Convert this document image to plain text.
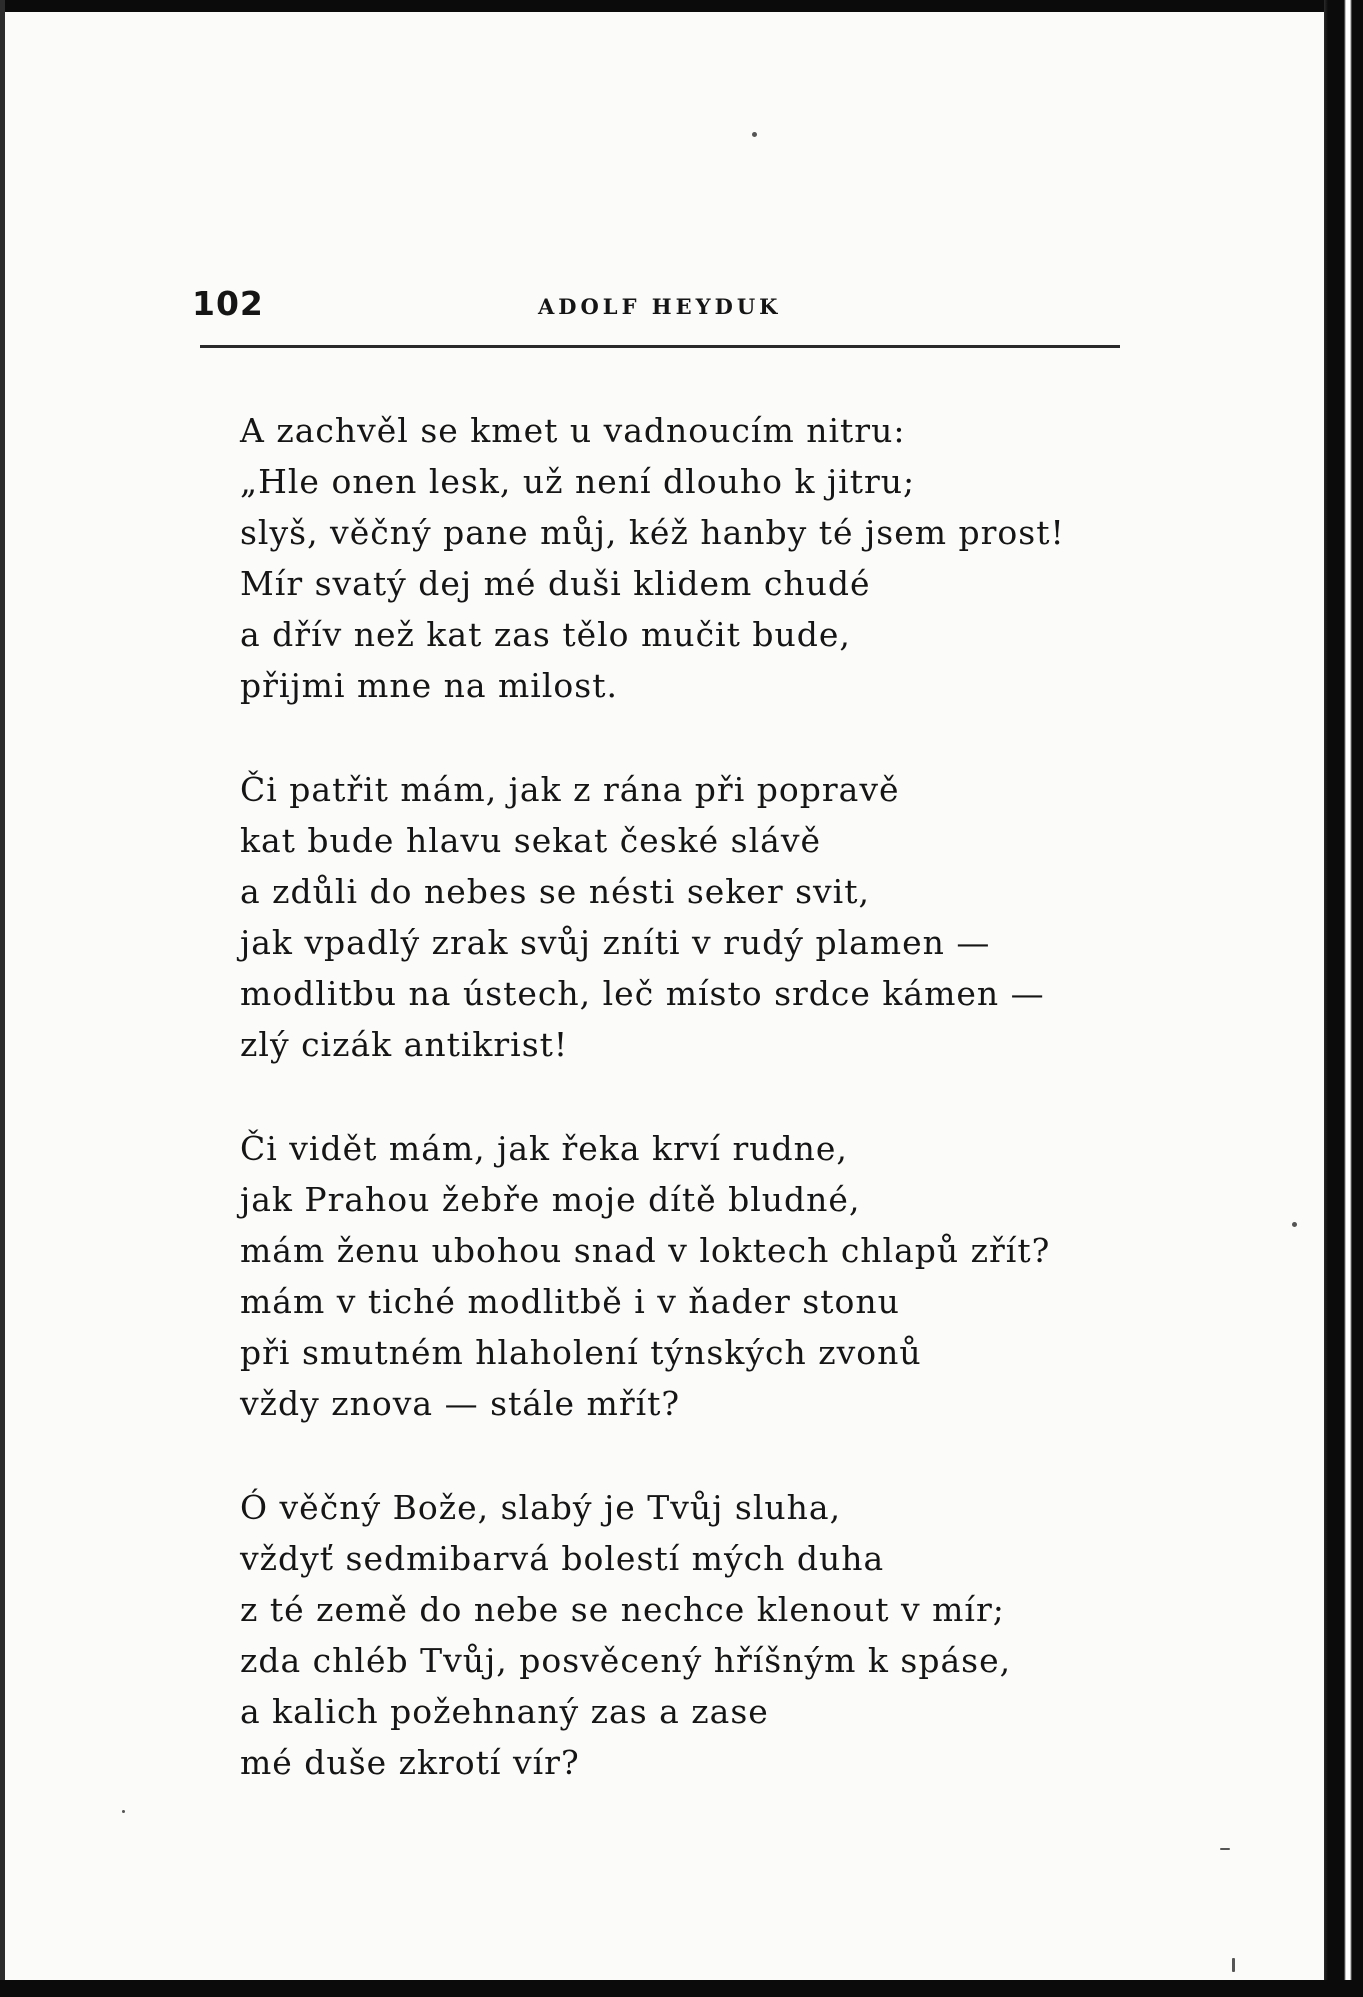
102	ADOLF HEYDUK
A zachvěl se kmet u vadnoucím nitru:
„Hle onen lesk, už není dlouho k jitru;
slyš, věčný pane můj, kéž hanby té jsem prost!
Mír svatý dej mé duši klidem chudé
a dřív než kat zas tělo mučit bude,
přijmi mne na milost.
Či patřit mám, jak z rána při popravě
kat bude hlavu sekat české slávě
a zdůli do nebes se nésti seker svit,
jak vpadlý zrak svůj zníti v rudý plamen —
modlitbu na ústech, leč místo srdce kámen —
zlý cizák antikrist!
Či vidět mám, jak řeka krví rudne,
jak Prahou žebře moje dítě bludné,
mám ženu ubohou snad v loktech chlapů zřít?
mám v tiché modlitbě i v ňader stonu
při smutném hlaholení týnských zvonů
vždy znova — stále mřít?
Ó věčný Bože, slabý je Tvůj sluha,
vždyť sedmibarvá bolestí mých duha
z té země do nebe se nechce klenout v mír;
zda chléb Tvůj, posvěcený hříšným k spáse,
a kalich požehnaný zas a zase
mé duše zkrotí vír?
